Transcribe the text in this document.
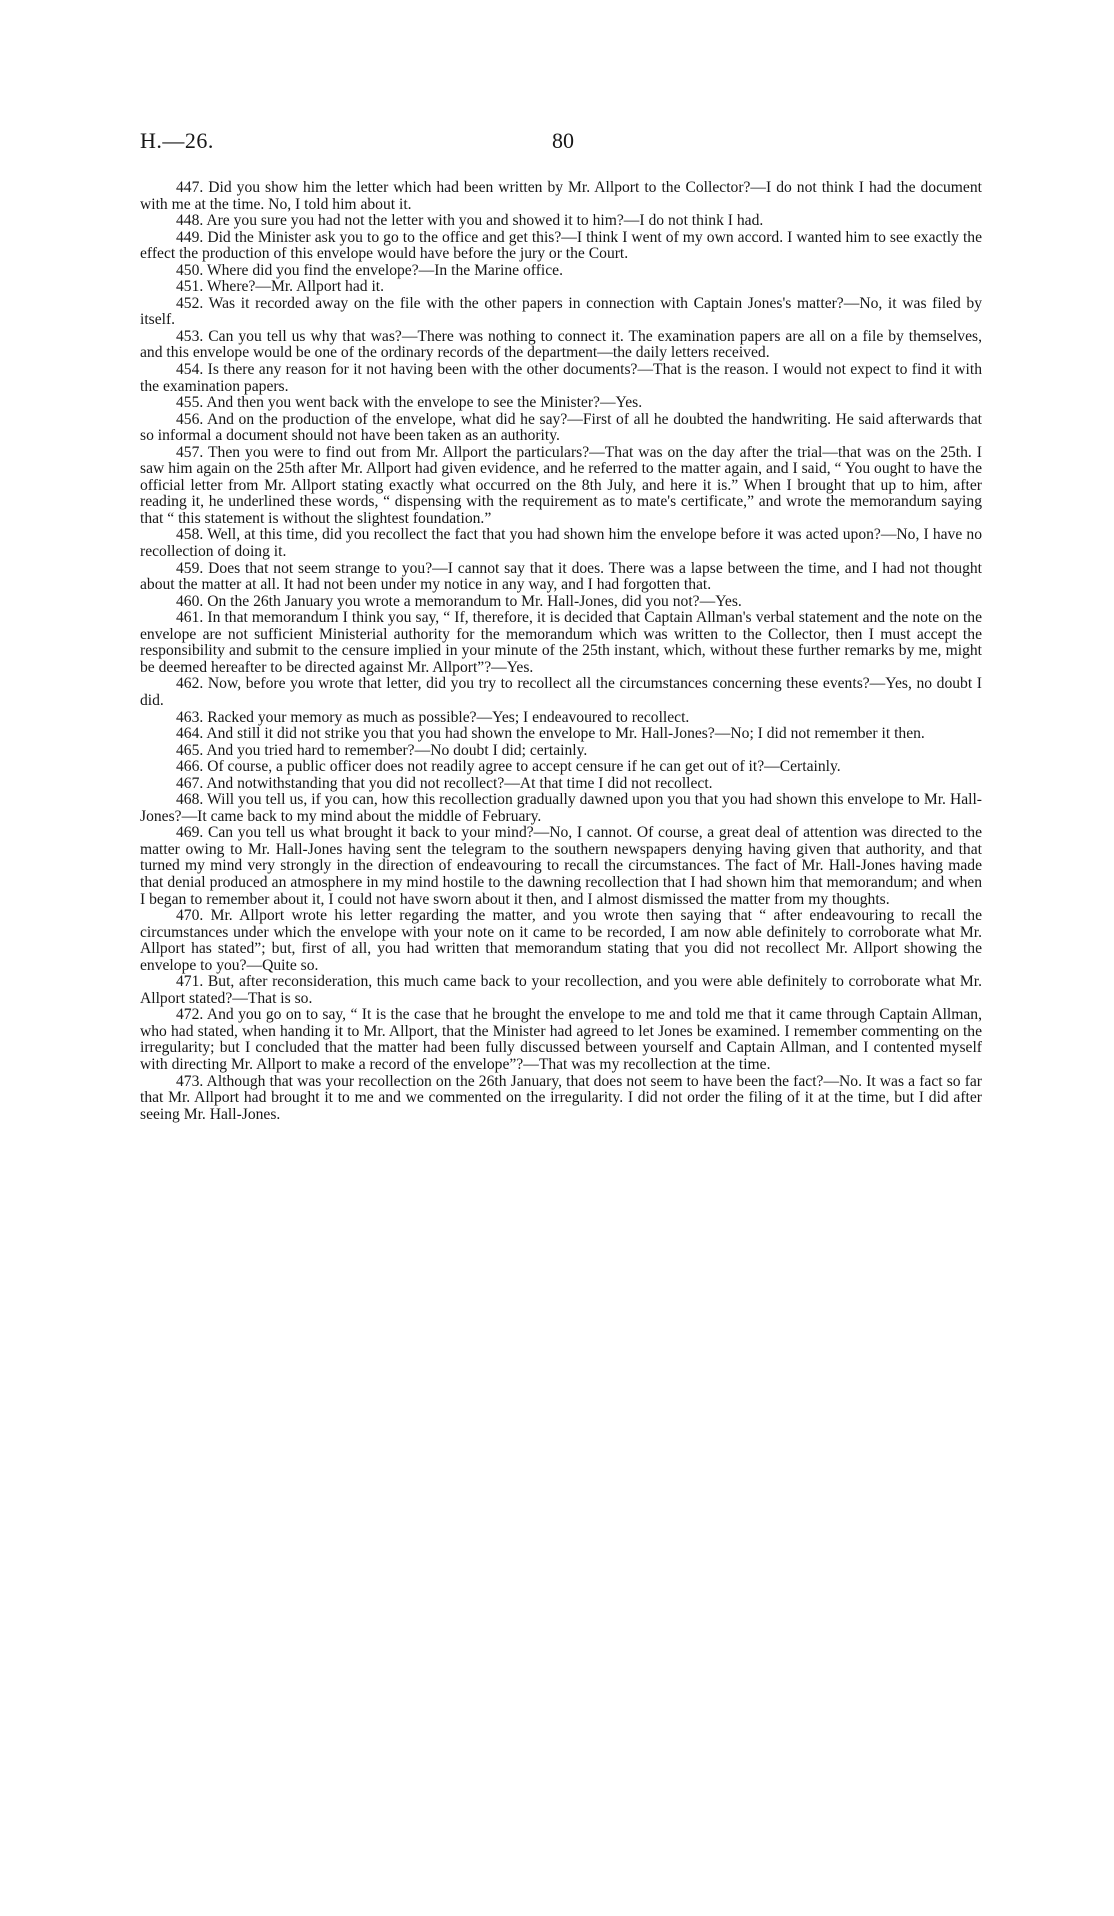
H.—26.	80

447. Did you show him the letter which had been written by Mr. Allport to the Collector?—I do not think I had the document with me at the time. No, I told him about it.

448. Are you sure you had not the letter with you and showed it to him?—I do not think I had.

449. Did the Minister ask you to go to the office and get this?—I think I went of my own accord. I wanted him to see exactly the effect the production of this envelope would have before the jury or the Court.

450. Where did you find the envelope?—In the Marine office.

451. Where?—Mr. Allport had it.

452. Was it recorded away on the file with the other papers in connection with Captain Jones's matter?—No, it was filed by itself.

453. Can you tell us why that was?—There was nothing to connect it. The examination papers are all on a file by themselves, and this envelope would be one of the ordinary records of the department—the daily letters received.

454. Is there any reason for it not having been with the other documents?—That is the reason. I would not expect to find it with the examination papers.

455. And then you went back with the envelope to see the Minister?—Yes.

456. And on the production of the envelope, what did he say?—First of all he doubted the handwriting. He said afterwards that so informal a document should not have been taken as an authority.

457. Then you were to find out from Mr. Allport the particulars?—That was on the day after the trial—that was on the 25th. I saw him again on the 25th after Mr. Allport had given evidence, and he referred to the matter again, and I said, “ You ought to have the official letter from Mr. Allport stating exactly what occurred on the 8th July, and here it is.” When I brought that up to him, after reading it, he underlined these words, “ dispensing with the requirement as to mate's certificate,” and wrote the memorandum saying that “ this statement is without the slightest foundation.”

458. Well, at this time, did you recollect the fact that you had shown him the envelope before it was acted upon?—No, I have no recollection of doing it.

459. Does that not seem strange to you?—I cannot say that it does. There was a lapse between the time, and I had not thought about the matter at all. It had not been under my notice in any way, and I had forgotten that.

460. On the 26th January you wrote a memorandum to Mr. Hall-Jones, did you not?—Yes.

461. In that memorandum I think you say, “ If, therefore, it is decided that Captain Allman's verbal statement and the note on the envelope are not sufficient Ministerial authority for the memorandum which was written to the Collector, then I must accept the responsibility and submit to the censure implied in your minute of the 25th instant, which, without these further remarks by me, might be deemed hereafter to be directed against Mr. Allport”?—Yes.

462. Now, before you wrote that letter, did you try to recollect all the circumstances concerning these events?—Yes, no doubt I did.

463. Racked your memory as much as possible?—Yes; I endeavoured to recollect.

464. And still it did not strike you that you had shown the envelope to Mr. Hall-Jones?—No; I did not remember it then.

465. And you tried hard to remember?—No doubt I did; certainly.

466. Of course, a public officer does not readily agree to accept censure if he can get out of it?—Certainly.

467. And notwithstanding that you did not recollect?—At that time I did not recollect.

468. Will you tell us, if you can, how this recollection gradually dawned upon you that you had shown this envelope to Mr. Hall-Jones?—It came back to my mind about the middle of February.

469. Can you tell us what brought it back to your mind?—No, I cannot. Of course, a great deal of attention was directed to the matter owing to Mr. Hall-Jones having sent the telegram to the southern newspapers denying having given that authority, and that turned my mind very strongly in the direction of endeavouring to recall the circumstances. The fact of Mr. Hall-Jones having made that denial produced an atmosphere in my mind hostile to the dawning recollection that I had shown him that memorandum; and when I began to remember about it, I could not have sworn about it then, and I almost dismissed the matter from my thoughts.

470. Mr. Allport wrote his letter regarding the matter, and you wrote then saying that “ after endeavouring to recall the circumstances under which the envelope with your note on it came to be recorded, I am now able definitely to corroborate what Mr. Allport has stated”; but, first of all, you had written that memorandum stating that you did not recollect Mr. Allport showing the envelope to you?—Quite so.

471. But, after reconsideration, this much came back to your recollection, and you were able definitely to corroborate what Mr. Allport stated?—That is so.

472. And you go on to say, “ It is the case that he brought the envelope to me and told me that it came through Captain Allman, who had stated, when handing it to Mr. Allport, that the Minister had agreed to let Jones be examined. I remember commenting on the irregularity; but I concluded that the matter had been fully discussed between yourself and Captain Allman, and I contented myself with directing Mr. Allport to make a record of the envelope”?—That was my recollection at the time.

473. Although that was your recollection on the 26th January, that does not seem to have been the fact?—No. It was a fact so far that Mr. Allport had brought it to me and we commented on the irregularity. I did not order the filing of it at the time, but I did after seeing Mr. Hall-Jones.
